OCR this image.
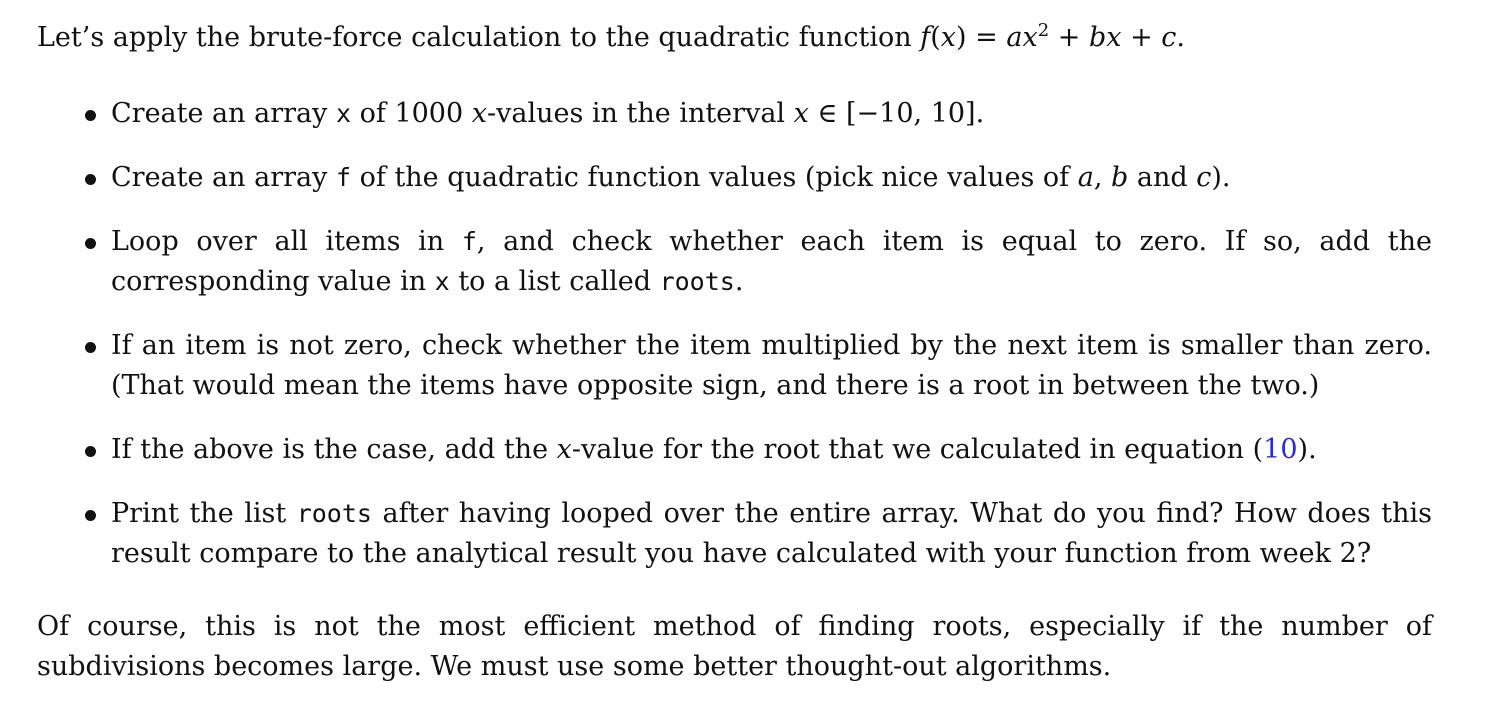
Let’s apply the brute-force calculation to the quadratic function $f(x) = ax^2$ + bx + c.

Create an array x of 1000 x-values in the interval x ∈ [−10, 10].
Create an array f of the quadratic function values (pick nice values of a, b and c).
Loop over all items in f, and check whether each item is equal to zero. If so, add the corresponding value in x to a list called roots.
If an item is not zero, check whether the item multiplied by the next item is smaller than zero. (That would mean the items have opposite sign, and there is a root in between the two.)
If the above is the case, add the x-value for the root that we calculated in equation (10).
Print the list roots after having looped over the entire array. What do you find? How does this result compare to the analytical result you have calculated with your function from week 2?

Of course, this is not the most efficient method of finding roots, especially if the number of subdivisions becomes large. We must use some better thought-out algorithms.
